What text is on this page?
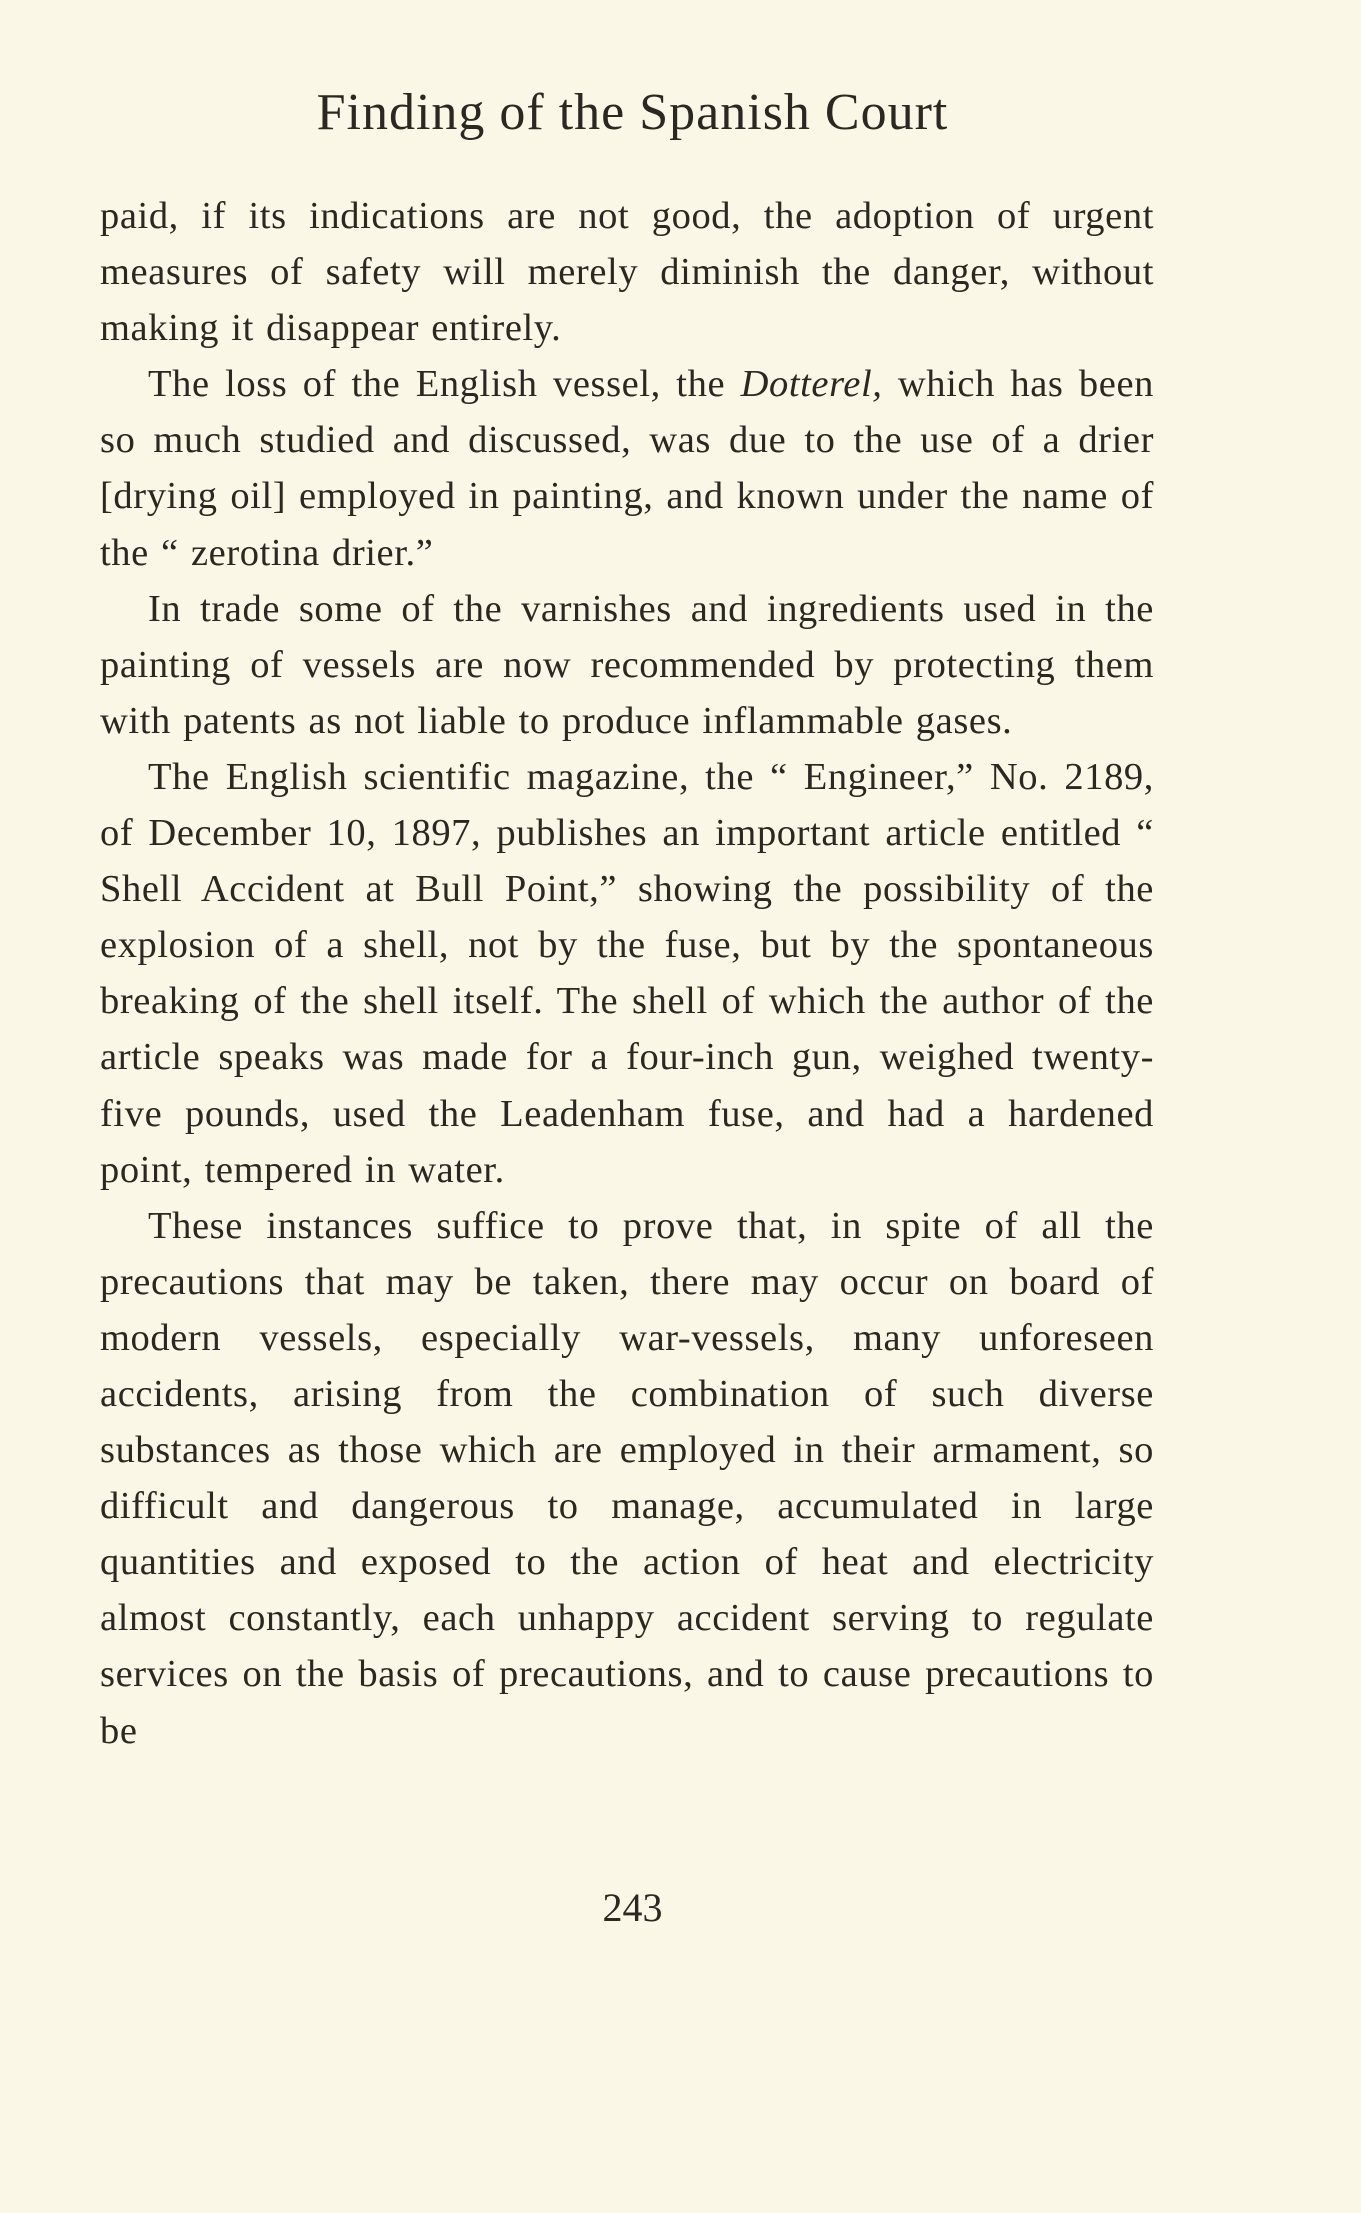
Finding of the Spanish Court

paid, if its indications are not good, the adoption of urgent measures of safety will merely diminish the danger, without making it disappear entirely.

The loss of the English vessel, the Dotterel, which has been so much studied and discussed, was due to the use of a drier [drying oil] employed in painting, and known under the name of the “ zerotina drier.”

In trade some of the varnishes and ingredients used in the painting of vessels are now recommended by protecting them with patents as not liable to produce inflammable gases.

The English scientific magazine, the “ Engineer,” No. 2189, of December 10, 1897, publishes an important article entitled “ Shell Accident at Bull Point,” showing the possibility of the explosion of a shell, not by the fuse, but by the spontaneous breaking of the shell itself. The shell of which the author of the article speaks was made for a four-inch gun, weighed twenty-five pounds, used the Leadenham fuse, and had a hardened point, tempered in water.

These instances suffice to prove that, in spite of all the precautions that may be taken, there may occur on board of modern vessels, especially war-vessels, many unforeseen accidents, arising from the combination of such diverse substances as those which are employed in their armament, so difficult and dangerous to manage, accumulated in large quantities and exposed to the action of heat and electricity almost constantly, each unhappy accident serving to regulate services on the basis of precautions, and to cause precautions to be

243
